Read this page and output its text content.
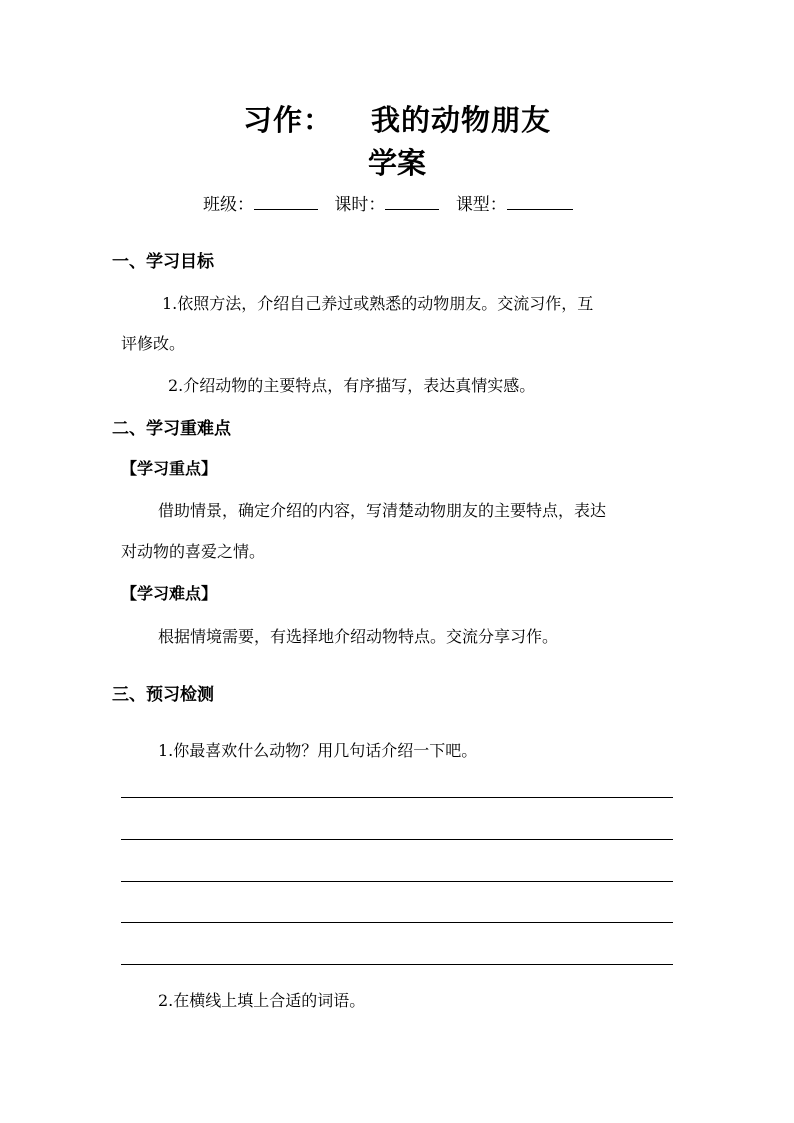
习作： 我的动物朋友
学案
班级：	课时：	课型：
一、学习目标
1.依照方法，介绍自己养过或熟悉的动物朋友。交流习作，互
评修改。
2.介绍动物的主要特点，有序描写，表达真情实感。
二、学习重难点
【学习重点】
借助情景，确定介绍的内容，写清楚动物朋友的主要特点，表达
对动物的喜爱之情。
【学习难点】
根据情境需要，有选择地介绍动物特点。交流分享习作。
三、预习检测
1.你最喜欢什么动物？用几句话介绍一下吧。
2.在横线上填上合适的词语。
